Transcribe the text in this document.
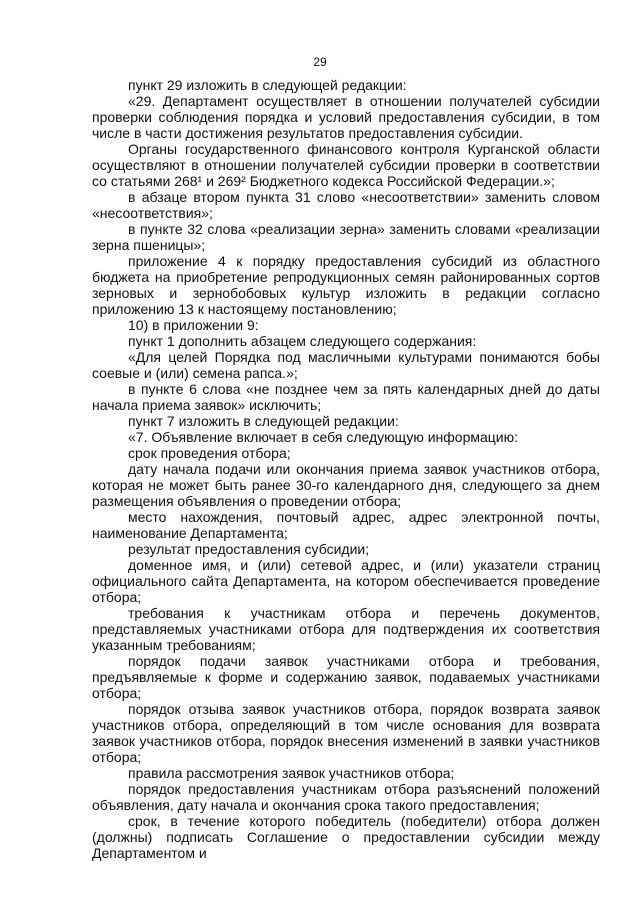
29

пункт 29 изложить в следующей редакции:

«29. Департамент осуществляет в отношении получателей субсидии проверки соблюдения порядка и условий предоставления субсидии, в том числе в части достижения результатов предоставления субсидии.

Органы государственного финансового контроля Курганской области осуществляют в отношении получателей субсидии проверки в соответствии со статьями 268¹ и 269² Бюджетного кодекса Российской Федерации.»;

в абзаце втором пункта 31 слово «несоответствии» заменить словом «несоответствия»;

в пункте 32 слова «реализации зерна» заменить словами «реализации зерна пшеницы»;

приложение 4 к порядку предоставления субсидий из областного бюджета на приобретение репродукционных семян районированных сортов зерновых и зернобобовых культур изложить в редакции согласно приложению 13 к настоящему постановлению;

10) в приложении 9:

пункт 1 дополнить абзацем следующего содержания:

«Для целей Порядка под масличными культурами понимаются бобы соевые и (или) семена рапса.»;

в пункте 6 слова «не позднее чем за пять календарных дней до даты начала приема заявок» исключить;

пункт 7 изложить в следующей редакции:

«7. Объявление включает в себя следующую информацию:

срок проведения отбора;

дату начала подачи или окончания приема заявок участников отбора, которая не может быть ранее 30-го календарного дня, следующего за днем размещения объявления о проведении отбора;

место нахождения, почтовый адрес, адрес электронной почты, наименование Департамента;

результат предоставления субсидии;

доменное имя, и (или) сетевой адрес, и (или) указатели страниц официального сайта Департамента, на котором обеспечивается проведение отбора;

требования к участникам отбора и перечень документов, представляемых участниками отбора для подтверждения их соответствия указанным требованиям;

порядок подачи заявок участниками отбора и требования, предъявляемые к форме и содержанию заявок, подаваемых участниками отбора;

порядок отзыва заявок участников отбора, порядок возврата заявок участников отбора, определяющий в том числе основания для возврата заявок участников отбора, порядок внесения изменений в заявки участников отбора;

правила рассмотрения заявок участников отбора;

порядок предоставления участникам отбора разъяснений положений объявления, дату начала и окончания срока такого предоставления;

срок, в течение которого победитель (победители) отбора должен (должны) подписать Соглашение о предоставлении субсидии между Департаментом и
